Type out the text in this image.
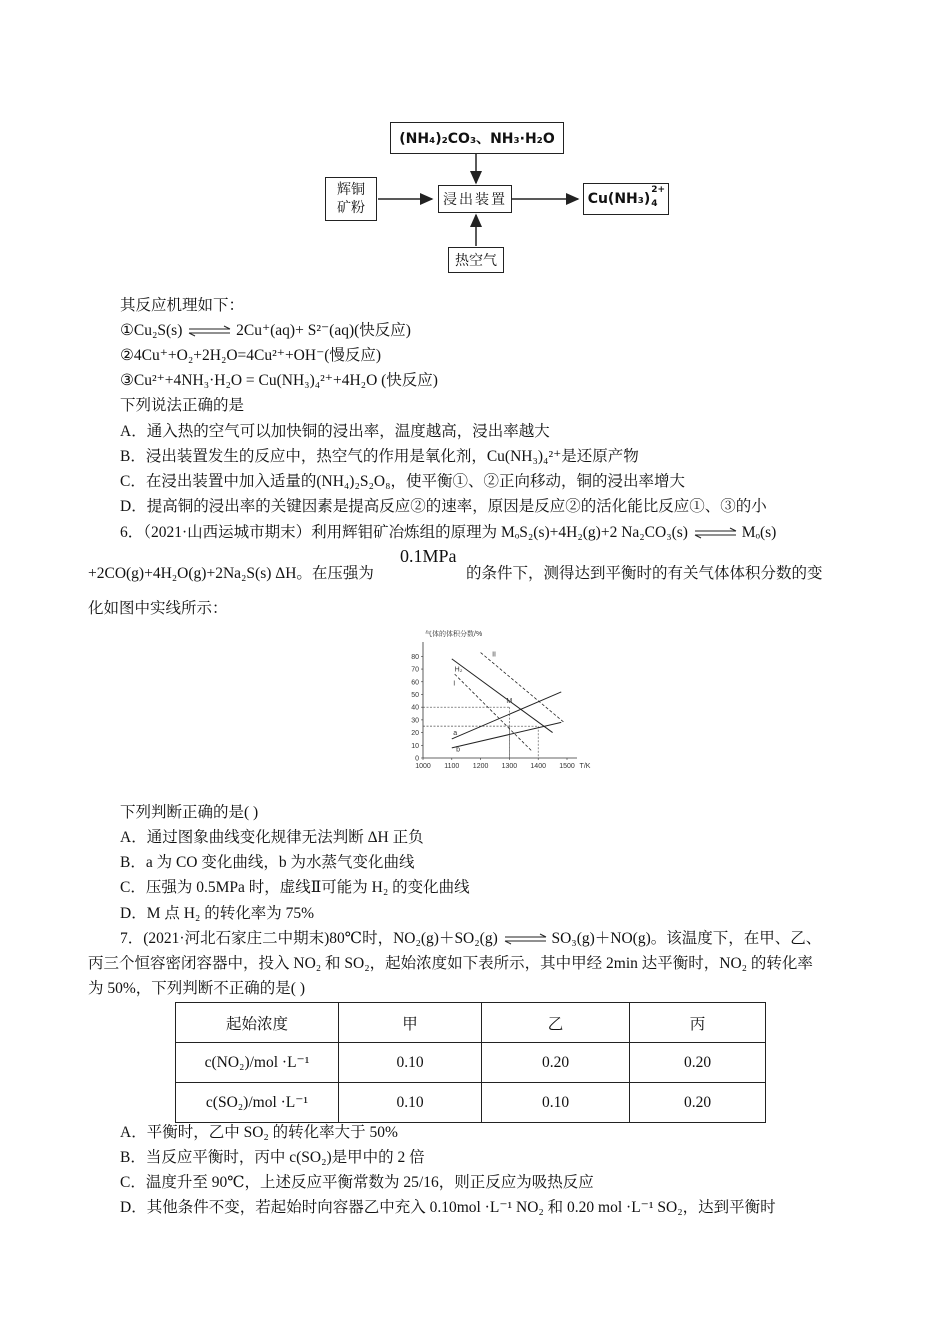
(NH₄)₂CO₃、NH₃·H₂O
辉铜
矿粉	浸出装置	Cu(NH₃)
2+
4
热空气
其反应机理如下：
①Cu₂S(s) ⇌ 2Cu⁺(aq)+ S²⁻(aq)(快反应)
②4Cu⁺+O₂+2H₂O=4Cu²⁺+OH⁻(慢反应)
③Cu²⁺+4NH₃·H₂O = Cu(NH₃)₄²⁺+4H₂O (快反应)
下列说法正确的是
A．通入热的空气可以加快铜的浸出率，温度越高，浸出率越大
B．浸出装置发生的反应中，热空气的作用是氧化剂，Cu(NH₃)₄²⁺是还原产物
C．在浸出装置中加入适量的(NH₄)₂S₂O₈，使平衡①、②正向移动，铜的浸出率增大
D．提高铜的浸出率的关键因素是提高反应②的速率，原因是反应②的活化能比反应①、③的小
6．（2021·山西运城市期末）利用辉钼矿冶炼组的原理为 MₒS₂(s)+4H₂(g)+2 Na₂CO₃(s) ⇌ Mₒ(s)
0.1MPa
+2CO(g)+4H₂O(g)+2Na₂S(s) ΔH。在压强为	的条件下，测得达到平衡时的有关气体体积分数的变
化如图中实线所示：
气体的体积分数/%
1000 1100 1200 1300 1400 1500 T/K
0
10
20
30
40
50
60
70
80
H₂
a
b
I
II
M
下列判断正确的是( )
A．通过图象曲线变化规律无法判断 ΔH 正负
B．a 为 CO 变化曲线，b 为水蒸气变化曲线
C．压强为 0.5MPa 时，虚线Ⅱ可能为 H₂ 的变化曲线
D．M 点 H₂ 的转化率为 75%
7．(2021·河北石家庄二中期末)80℃时，NO₂(g)＋SO₂(g) ⇌ SO₃(g)＋NO(g)。该温度下，在甲、乙、
丙三个恒容密闭容器中，投入 NO₂ 和 SO₂，起始浓度如下表所示，其中甲经 2min 达平衡时，NO₂ 的转化率
为 50%，下列判断不正确的是( )
起始浓度	甲	乙	丙
c(NO₂)/mol ·L⁻¹	0.10	0.20	0.20
c(SO₂)/mol ·L⁻¹	0.10	0.10	0.20
A．平衡时，乙中 SO₂ 的转化率大于 50%
B．当反应平衡时，丙中 c(SO₂)是甲中的 2 倍
C．温度升至 90℃，上述反应平衡常数为 25/16，则正反应为吸热反应
D．其他条件不变，若起始时向容器乙中充入 0.10mol ·L⁻¹ NO₂ 和 0.20 mol ·L⁻¹ SO₂，达到平衡时
